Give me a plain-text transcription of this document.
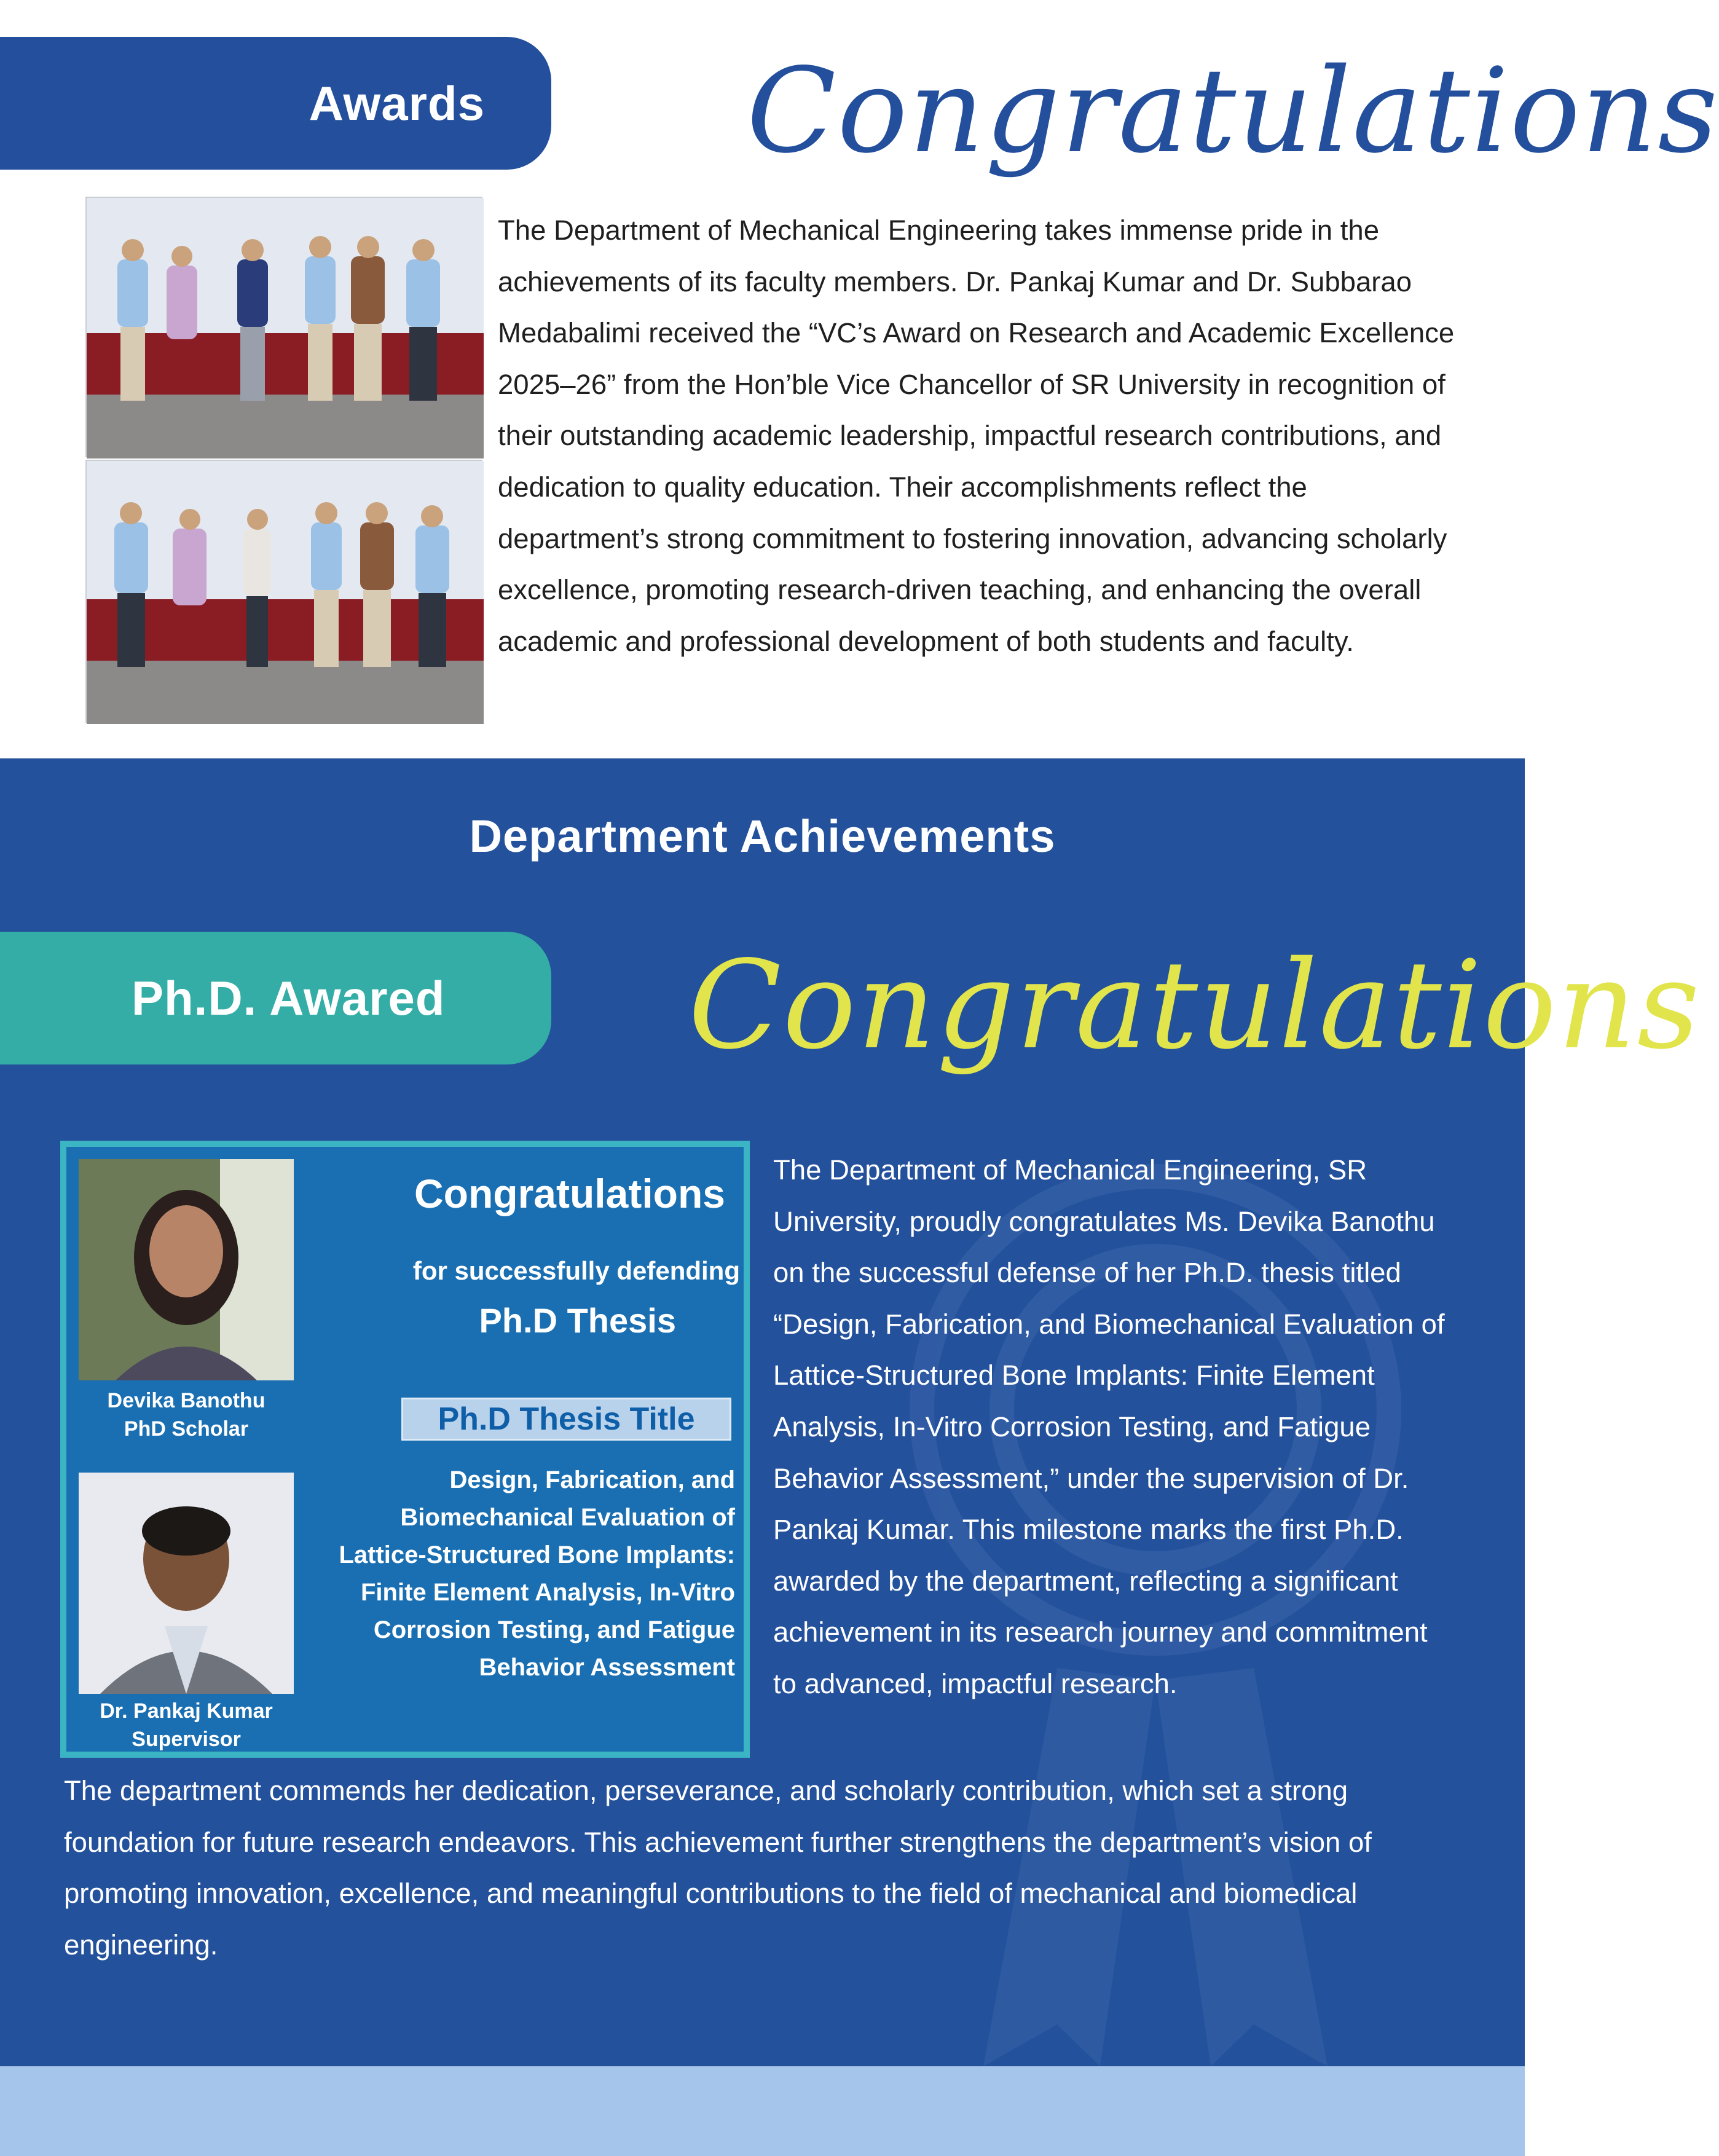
Awards Congratulations
The Department of Mechanical Engineering takes immense pride in the achievements of its faculty members. Dr. Pankaj Kumar and Dr. Subbarao Medabalimi received the “VC’s Award on Research and Academic Excellence 2025–26” from the Hon’ble Vice Chancellor of SR University in recognition of their outstanding academic leadership, impactful research contributions, and dedication to quality education. Their accomplishments reflect the department’s strong commitment to fostering innovation, advancing scholarly excellence, promoting research-driven teaching, and enhancing the overall academic and professional development of both students and faculty.
Department Achievements
Ph.D. Awared Congratulations
Devika Banothu
PhD Scholar
Dr. Pankaj Kumar
Supervisor
Congratulations
for successfully defending
Ph.D Thesis
Ph.D Thesis Title
Design, Fabrication, and Biomechanical Evaluation of Lattice-Structured Bone Implants: Finite Element Analysis, In-Vitro Corrosion Testing, and Fatigue Behavior Assessment
The Department of Mechanical Engineering, SR University, proudly congratulates Ms. Devika Banothu on the successful defense of her Ph.D. thesis titled “Design, Fabrication, and Biomechanical Evaluation of Lattice-Structured Bone Implants: Finite Element Analysis, In-Vitro Corrosion Testing, and Fatigue Behavior Assessment,” under the supervision of Dr. Pankaj Kumar. This milestone marks the first Ph.D. awarded by the department, reflecting a significant achievement in its research journey and commitment to advanced, impactful research.
The department commends her dedication, perseverance, and scholarly contribution, which set a strong foundation for future research endeavors. This achievement further strengthens the department’s vision of promoting innovation, excellence, and meaningful contributions to the field of mechanical and biomedical engineering.
